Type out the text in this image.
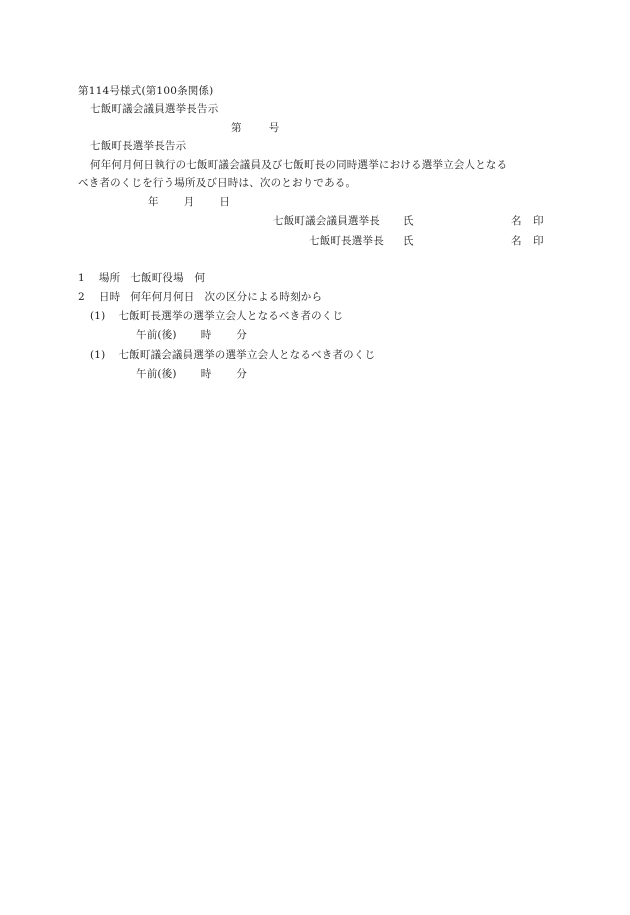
第114号様式(第100条関係)
七飯町議会議員選挙長告示
第	号
七飯町長選挙長告示
何年何月何日執行の七飯町議会議員及び七飯町長の同時選挙における選挙立会人となる
べき者のくじを行う場所及び日時は、次のとおりである。
年 月 日
七飯町議会議員選挙長 氏	名 印
七飯町長選挙長 氏	名 印
1 場所 七飯町役場　何
2 日時 何年何月何日 次の区分による時刻から
(1) 七飯町長選挙の選挙立会人となるべき者のくじ
午前(後) 時 分
(1) 七飯町議会議員選挙の選挙立会人となるべき者のくじ
午前(後) 時 分
